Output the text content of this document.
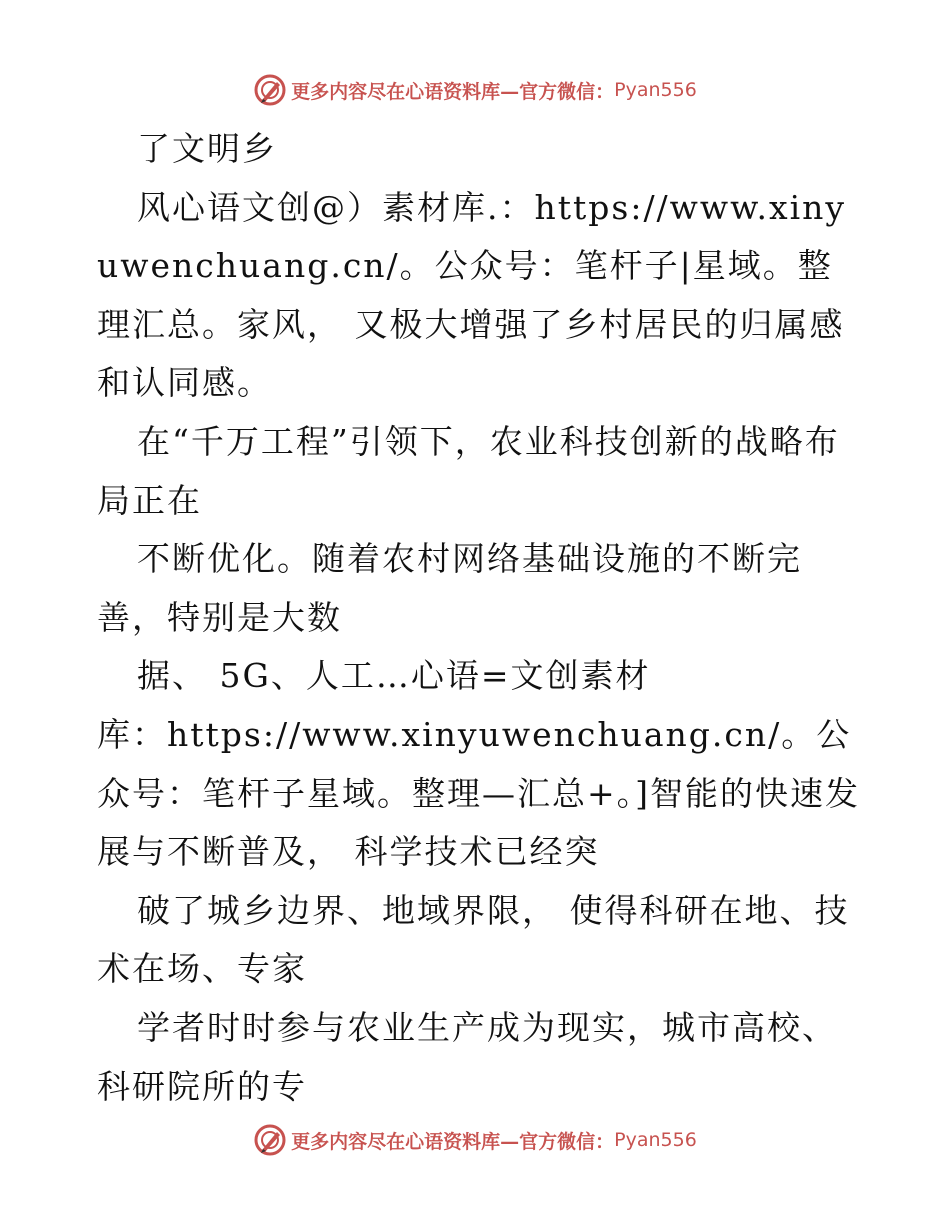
更多内容尽在心语资料库—官方微信： Pyan556

了文明乡

风心语文创@）素材库.：https://www.xinyuwenchuang.cn/。公众号：笔杆子|星域。整理汇总。家风， 又极大增强了乡村居民的归属感和认同感。

在“千万工程”引领下，农业科技创新的战略布局正在

不断优化。随着农村网络基础设施的不断完善，特别是大数

据、 5G、人工…心语=文创素材

库：https://www.xinyuwenchuang.cn/。公众号：笔杆子星域。整理—汇总+。]智能的快速发展与不断普及， 科学技术已经突

破了城乡边界、地域界限， 使得科研在地、技术在场、专家

学者时时参与农业生产成为现实，城市高校、科研院所的专

更多内容尽在心语资料库—官方微信： Pyan556
